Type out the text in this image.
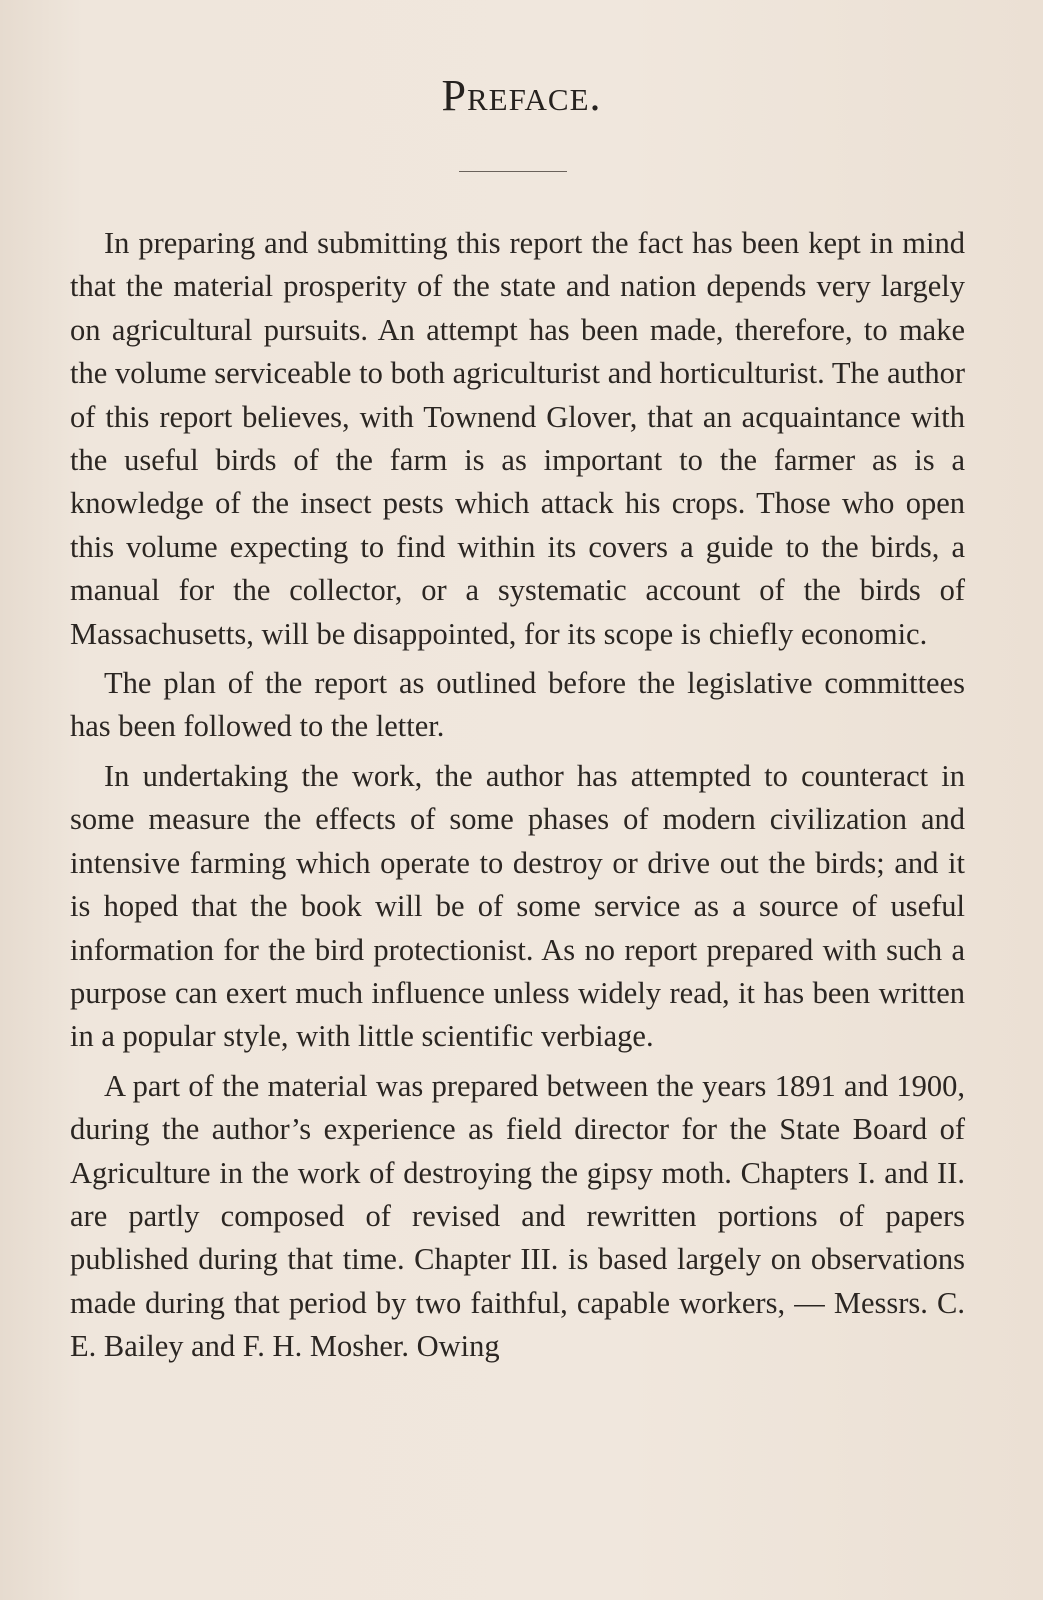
Preface.

In preparing and submitting this report the fact has been kept in mind that the material prosperity of the state and nation depends very largely on agricultural pursuits. An attempt has been made, therefore, to make the volume serviceable to both agriculturist and horticulturist. The author of this report believes, with Townend Glover, that an acquaintance with the useful birds of the farm is as important to the farmer as is a knowledge of the insect pests which attack his crops. Those who open this volume expecting to find within its covers a guide to the birds, a manual for the collector, or a systematic account of the birds of Massachusetts, will be disappointed, for its scope is chiefly economic.

The plan of the report as outlined before the legislative committees has been followed to the letter.

In undertaking the work, the author has attempted to counteract in some measure the effects of some phases of modern civilization and intensive farming which operate to destroy or drive out the birds; and it is hoped that the book will be of some service as a source of useful information for the bird protectionist. As no report prepared with such a purpose can exert much influence unless widely read, it has been written in a popular style, with little scientific verbiage.

A part of the material was prepared between the years 1891 and 1900, during the author’s experience as field director for the State Board of Agriculture in the work of destroying the gipsy moth. Chapters I. and II. are partly composed of revised and rewritten portions of papers published during that time. Chapter III. is based largely on observations made during that period by two faithful, capable workers, — Messrs. C. E. Bailey and F. H. Mosher. Owing
